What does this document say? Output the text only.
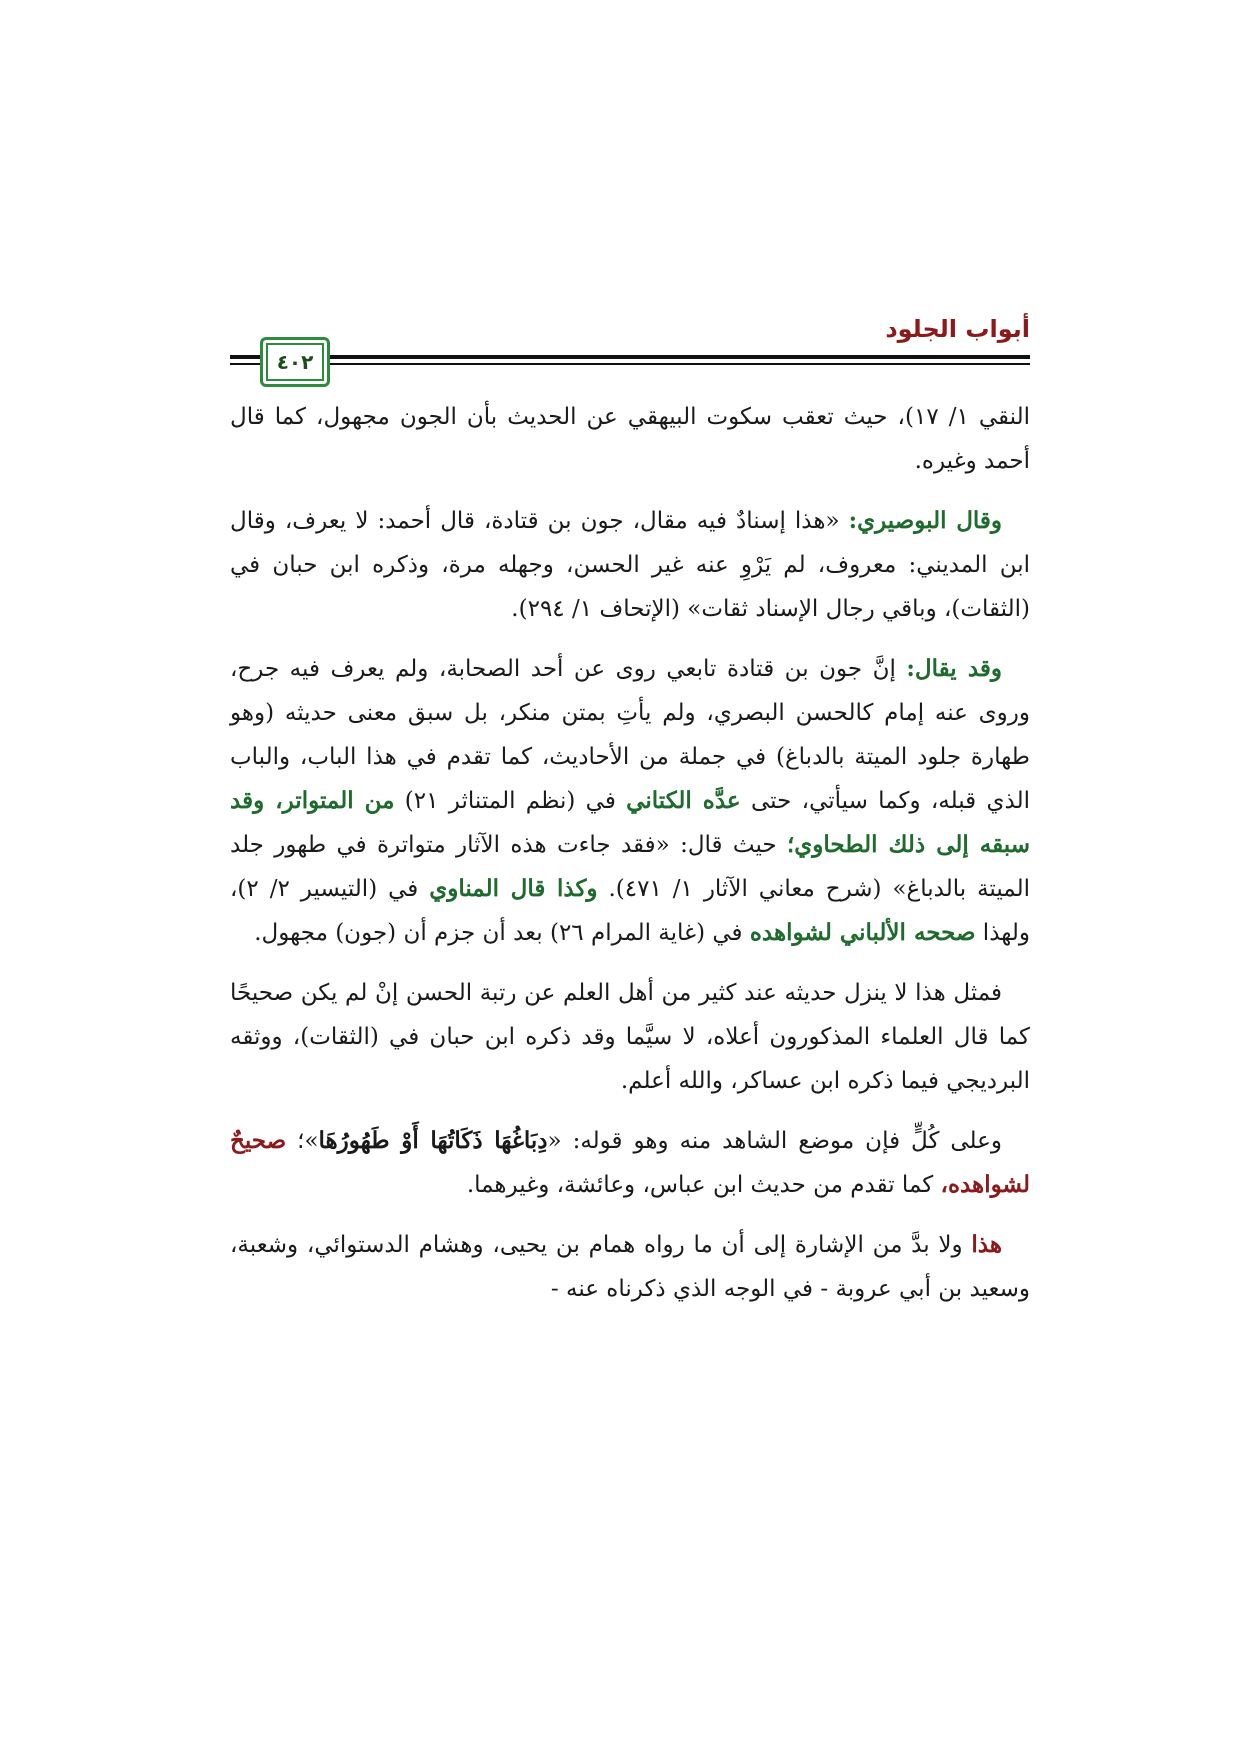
أبواب الجلود
٤٠٢

النقي ١/ ١٧)، حيث تعقب سكوت البيهقي عن الحديث بأن الجون مجهول، كما قال أحمد وغيره.

وقال البوصيري: «هذا إسنادٌ فيه مقال، جون بن قتادة، قال أحمد: لا يعرف، وقال ابن المديني: معروف، لم يَرْوِ عنه غير الحسن، وجهله مرة، وذكره ابن حبان في (الثقات)، وباقي رجال الإسناد ثقات» (الإتحاف ١/ ٢٩٤).

وقد يقال: إنَّ جون بن قتادة تابعي روى عن أحد الصحابة، ولم يعرف فيه جرح، وروى عنه إمام كالحسن البصري، ولم يأتِ بمتن منكر، بل سبق معنى حديثه (وهو طهارة جلود الميتة بالدباغ) في جملة من الأحاديث، كما تقدم في هذا الباب، والباب الذي قبله، وكما سيأتي، حتى عدَّه الكتاني في (نظم المتناثر ٢١) من المتواتر، وقد سبقه إلى ذلك الطحاوي؛ حيث قال: «فقد جاءت هذه الآثار متواترة في طهور جلد الميتة بالدباغ» (شرح معاني الآثار ١/ ٤٧١). وكذا قال المناوي في (التيسير ٢/ ٢)، ولهذا صححه الألباني لشواهده في (غاية المرام ٢٦) بعد أن جزم أن (جون) مجهول.

فمثل هذا لا ينزل حديثه عند كثير من أهل العلم عن رتبة الحسن إنْ لم يكن صحيحًا كما قال العلماء المذكورون أعلاه، لا سيَّما وقد ذكره ابن حبان في (الثقات)، ووثقه البرديجي فيما ذكره ابن عساكر، والله أعلم.

وعلى كُلٍّ فإن موضع الشاهد منه وهو قوله: «دِبَاغُهَا ذَكَاتُهَا أَوْ طَهُورُهَا»؛ صحيحٌ لشواهده، كما تقدم من حديث ابن عباس، وعائشة، وغيرهما.

هذا ولا بدَّ من الإشارة إلى أن ما رواه همام بن يحيى، وهشام الدستوائي، وشعبة، وسعيد بن أبي عروبة - في الوجه الذي ذكرناه عنه -
